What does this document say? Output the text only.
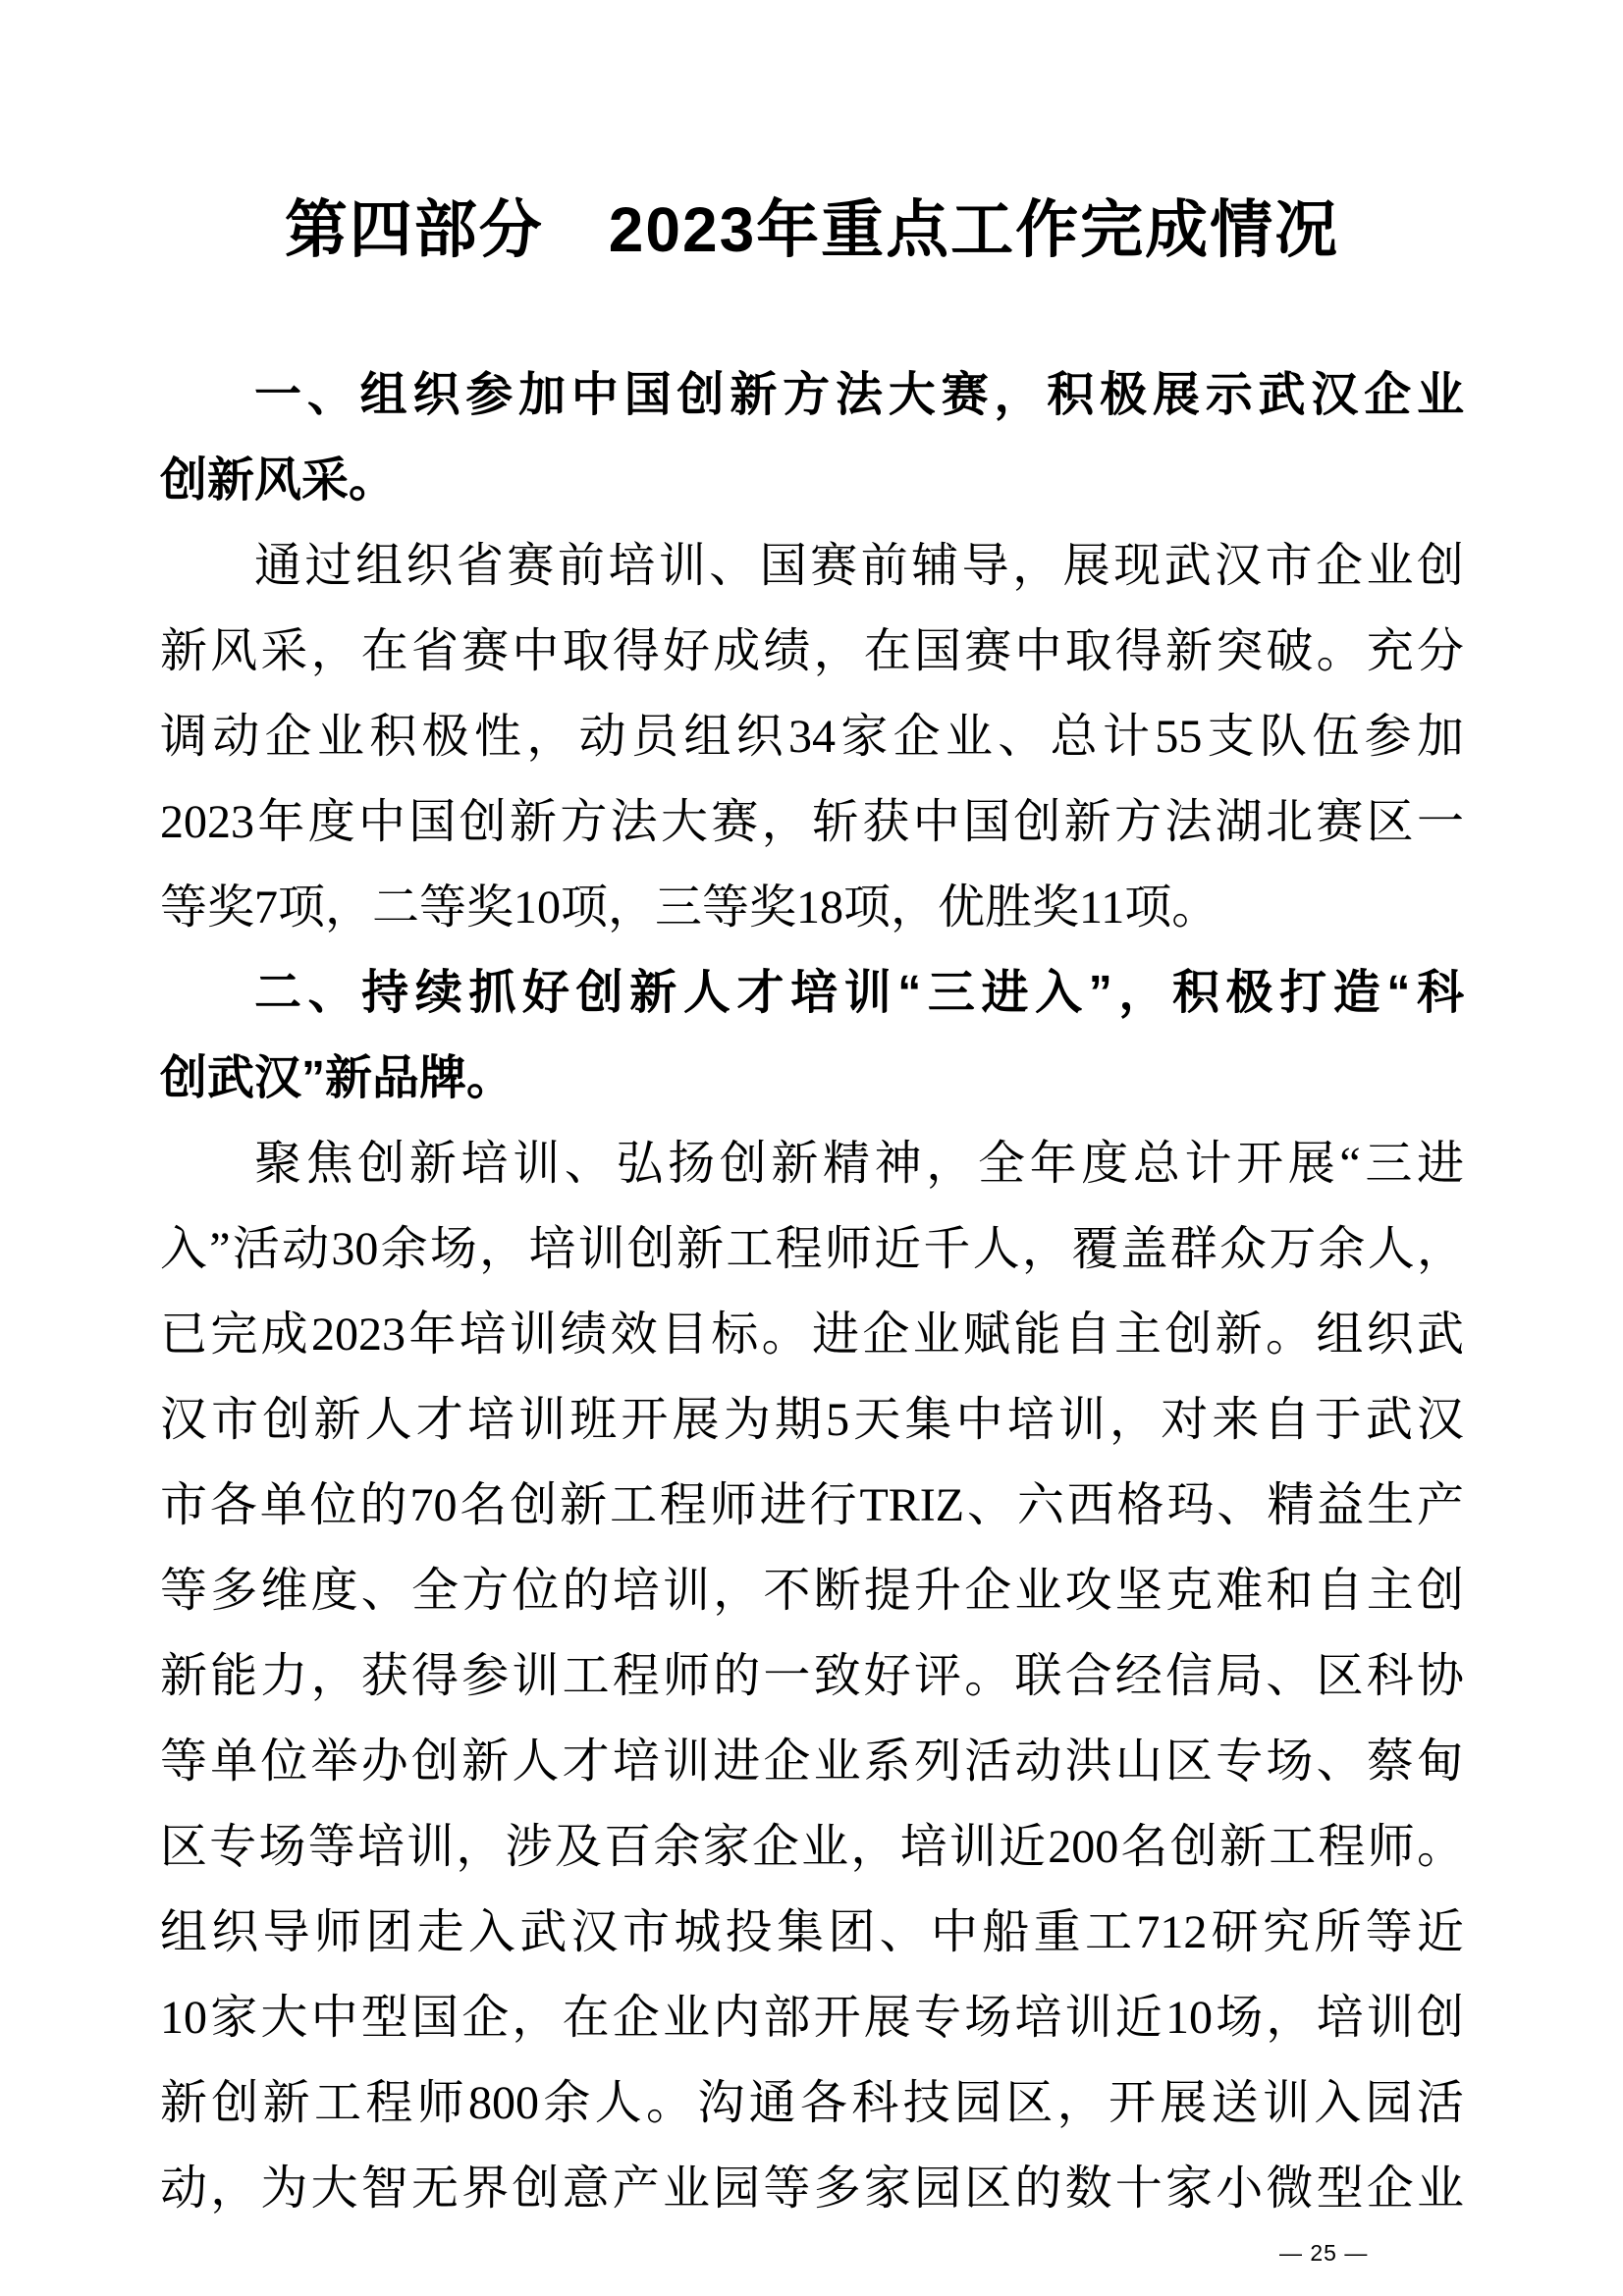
第四部分　2023年重点工作完成情况
一、组织参加中国创新方法大赛，积极展示武汉企业
创新风采。
通过组织省赛前培训、国赛前辅导，展现武汉市企业创
新风采，在省赛中取得好成绩，在国赛中取得新突破。充分
调动企业积极性，动员组织34家企业、总计55支队伍参加
2023年度中国创新方法大赛，斩获中国创新方法湖北赛区一
等奖7项，二等奖10项，三等奖18项，优胜奖11项。
二、持续抓好创新人才培训“三进入”，积极打造“科
创武汉”新品牌。
聚焦创新培训、弘扬创新精神，全年度总计开展“三进
入”活动30余场，培训创新工程师近千人，覆盖群众万余人，
已完成2023年培训绩效目标。进企业赋能自主创新。组织武
汉市创新人才培训班开展为期5天集中培训，对来自于武汉
市各单位的70名创新工程师进行TRIZ、六西格玛、精益生产
等多维度、全方位的培训，不断提升企业攻坚克难和自主创
新能力，获得参训工程师的一致好评。联合经信局、区科协
等单位举办创新人才培训进企业系列活动洪山区专场、蔡甸
区专场等培训，涉及百余家企业，培训近200名创新工程师。
组织导师团走入武汉市城投集团、中船重工712研究所等近
10家大中型国企，在企业内部开展专场培训近10场，培训创
新创新工程师800余人。沟通各科技园区，开展送训入园活
动，为大智无界创意产业园等多家园区的数十家小微型企业
— 25 —
